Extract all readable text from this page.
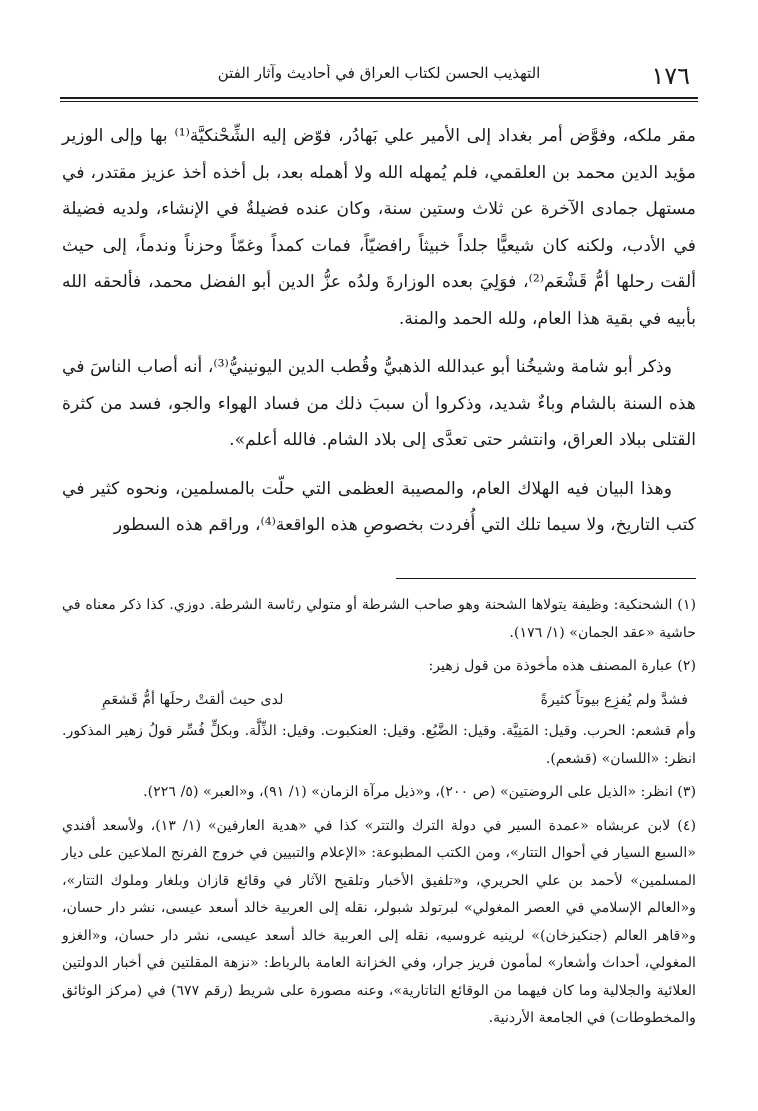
١٧٦
التهذيب الحسن لكتاب العراق في أحاديث وآثار الفتن

مقر ملكه، وفوَّض أمر بغداد إلى الأمير علي بَهادُر، فوّض إليه الشِّحْنكيَّة⁽¹⁾ بها وإلى الوزير مؤيد الدين محمد بن العلقمي، فلم يُمهله الله ولا أهمله بعد، بل أخذه أخذ عزيز مقتدر، في مستهل جمادى الآخرة عن ثلاث وستين سنة، وكان عنده فضيلةٌ في الإنشاء، ولديه فضيلة في الأدب، ولكنه كان شيعيًّا جلداً خبيثاً رافضيّاً، فمات كمداً وغمّاً وحزناً وندماً، إلى حيث ألقت رحلها أمُّ قَشْعَم⁽²⁾، فوَلِيَ بعده الوزارةَ ولدُه عزُّ الدين أبو الفضل محمد، فألحقه الله بأبيه في بقية هذا العام، ولله الحمد والمنة.

وذكر أبو شامة وشيخُنا أبو عبدالله الذهبيُّ وقُطب الدين اليونينيُّ⁽³⁾، أنه أصاب الناسَ في هذه السنة بالشام وباءٌ شديد، وذكروا أن سببَ ذلك من فساد الهواء والجو، فسد من كثرة القتلى ببلاد العراق، وانتشر حتى تعدَّى إلى بلاد الشام. فالله أعلم».

وهذا البيان فيه الهلاك العام، والمصيبة العظمى التي حلّت بالمسلمين، ونحوه كثير في كتب التاريخ، ولا سيما تلك التي أُفردت بخصوصِ هذه الواقعة⁽⁴⁾، وراقم هذه السطور

(١) الشحنكية: وظيفة يتولاها الشحنة وهو صاحب الشرطة أو متولي رئاسة الشرطة. دوزي. كذا ذكر معناه في حاشية «عقد الجمان» (١/ ١٧٦).

(٢) عبارة المصنف هذه مأخوذة من قول زهير:

فشدَّ ولم يُفزِع بيوتاً كثيرةً
لدى حيث ألقتْ رحلَها أمُّ قَشعَمِ

وأم قشعم: الحرب. وقيل: المَنِيَّة. وقيل: الضَّبُع. وقيل: العنكبوت. وقيل: الذِّلَّة. وبكلٍّ فُسِّر قولُ زهير المذكور. انظر: «اللسان» (قشعم).

(٣) انظر: «الذيل على الروضتين» (ص ٢٠٠)، و«ذيل مرآة الزمان» (١/ ٩١)، و«العبر» (٥/ ٢٢٦).

(٤) لابن عربشاه «عمدة السير في دولة الترك والتتر» كذا في «هدية العارفين» (١/ ١٣)، ولأسعد أفندي «السبع السيار في أحوال التتار»، ومن الكتب المطبوعة: «الإعلام والتبيين في خروج الفرنج الملاعين على ديار المسلمين» لأحمد بن علي الحريري، و«تلفيق الأخبار وتلقيح الآثار في وقائع قازان وبلغار وملوك التتار»، و«العالم الإسلامي في العصر المغولي» لبرتولد شبولر، نقله إلى العربية خالد أسعد عيسى، نشر دار حسان، و«قاهر العالم (جنكيزخان)» لرينيه غروسيه، نقله إلى العربية خالد أسعد عيسى، نشر دار حسان، و«الغزو المغولي، أحداث وأشعار» لمأمون فريز جرار، وفي الخزانة العامة بالرباط: «نزهة المقلتين في أخبار الدولتين العلائية والجلالية وما كان فيهما من الوقائع التاتارية»، وعنه مصورة على شريط (رقم ٦٧٧) في (مركز الوثائق والمخطوطات) في الجامعة الأردنية.
